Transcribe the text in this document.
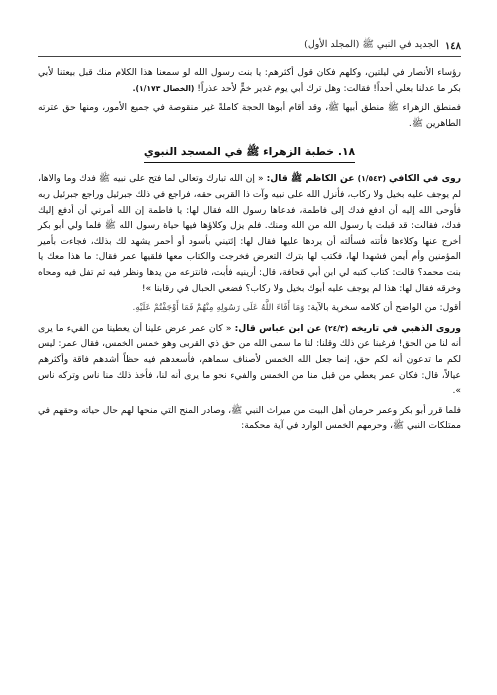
الجديد في النبي ﷺ (المجلد الأول) ١٤٨

رؤساء الأنصار في ليلتين، وكلهم فكان قول أكثرهم: يا بنت رسول الله لو سمعنا هذا الكلام منك قبل بيعتنا لأبي بكر ما عدلنا بعلي أحداً! فقالت: وهل ترك أبي يوم غدير خمٍّ لأحد عذراً! (الخصال ١/١٧٣).

فمنطق الزهراء ﷺ منطق أبيها ﷺ، وقد أقام أبوها الحجة كاملةً غير منقوصة في جميع الأمور، ومنها حق عترته الطاهرين ﷺ.

١٨. خطبة الزهراء ﷺ في المسجد النبوي

روى في الكافي (١/٥٤٣) عن الكاظم ﷺ قال: « إن الله تبارك وتعالى لما فتح على نبيه ﷺ فدك وما والاها، لم يوجف عليه بخيل ولا ركاب، فأنزل الله على نبيه وآت ذا القربى حقه، فراجع في ذلك جبرئيل وراجع جبرئيل ربه فأوحى الله إليه أن ادفع فدك إلى فاطمة، فدعاها رسول الله فقال لها: يا فاطمة إن الله أمرني أن أدفع إليك فدك، فقالت: قد قبلت يا رسول الله من الله ومنك. فلم يزل وكلاؤها فيها حياة رسول الله ﷺ فلما ولي أبو بكر أخرج عنها وكلاءها فأتته فسألته أن يردها عليها فقال لها: إئتيني بأسود أو أحمر يشهد لك بذلك، فجاءت بأمير المؤمنين وأم أيمن فشهدا لها، فكتب لها بترك التعرض فخرجت والكتاب معها فلقيها عمر فقال: ما هذا معك يا بنت محمد؟ قالت: كتاب كتبه لي ابن أبي قحافة، قال: أرينيه فأبت، فانتزعه من يدها ونظر فيه ثم تفل فيه ومحاه وخرقه فقال لها: هذا لم يوجف عليه أبوك بخيل ولا ركاب؟ فضعي الحبال في رقابنا »!

أقول: من الواضح أن كلامه سخرية بالآية: وَمَا أَفَاءَ اللَّهُ عَلَى رَسُولِهِ مِنْهُمْ فَمَا أَوْجَفْتُمْ عَلَيْهِ.

وروى الذهبي في تاريخه (٢٤/٣) عن ابن عباس قال: « كان عمر عرض علينا أن يعطينا من الفيء ما يرى أنه لنا من الحق! فرغبنا عن ذلك وقلنا: لنا ما سمى الله من حق ذي القربى وهو خمس الخمس، فقال عمر: ليس لكم ما تدعون أنه لكم حق، إنما جعل الله الخمس لأصناف سماهم، فأسعدهم فيه حظاً أشدهم فاقة وأكثرهم عيالاً، قال: فكان عمر يعطي من قبل منا من الخمس والفيء نحو ما يرى أنه لنا، فأخذ ذلك منا ناس وتركه ناس ».

فلما قرر أبو بكر وعمر حرمان أهل البيت من ميراث النبي ﷺ، وصادر المنح التي منحها لهم حال حياته وحقهم في ممتلكات النبي ﷺ، وحرمهم الخمس الوارد في آية محكمة:
